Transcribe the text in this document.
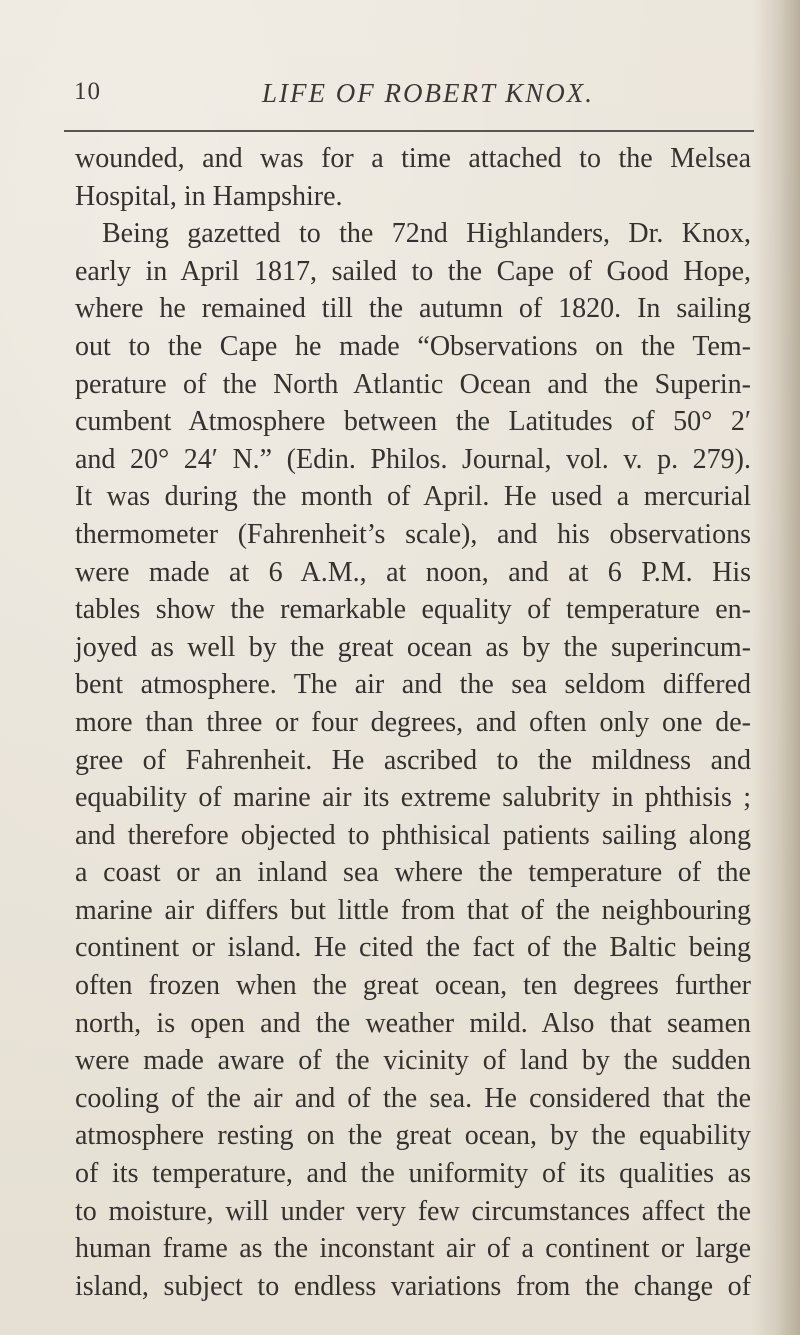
10	LIFE OF ROBERT KNOX.
wounded, and was for a time attached to the Melsea
Hospital, in Hampshire.
Being gazetted to the 72nd Highlanders, Dr. Knox,
early in April 1817, sailed to the Cape of Good Hope,
where he remained till the autumn of 1820. In sailing
out to the Cape he made “Observations on the Tem-
perature of the North Atlantic Ocean and the Superin-
cumbent Atmosphere between the Latitudes of 50° 2′
and 20° 24′ N.” (Edin. Philos. Journal, vol. v. p. 279).
It was during the month of April. He used a mercurial
thermometer (Fahrenheit’s scale), and his observations
were made at 6 A.M., at noon, and at 6 P.M. His
tables show the remarkable equality of temperature en-
joyed as well by the great ocean as by the superincum-
bent atmosphere. The air and the sea seldom differed
more than three or four degrees, and often only one de-
gree of Fahrenheit. He ascribed to the mildness and
equability of marine air its extreme salubrity in phthisis ;
and therefore objected to phthisical patients sailing along
a coast or an inland sea where the temperature of the
marine air differs but little from that of the neighbouring
continent or island. He cited the fact of the Baltic being
often frozen when the great ocean, ten degrees further
north, is open and the weather mild. Also that seamen
were made aware of the vicinity of land by the sudden
cooling of the air and of the sea. He considered that the
atmosphere resting on the great ocean, by the equability
of its temperature, and the uniformity of its qualities as
to moisture, will under very few circumstances affect the
human frame as the inconstant air of a continent or large
island, subject to endless variations from the change of
